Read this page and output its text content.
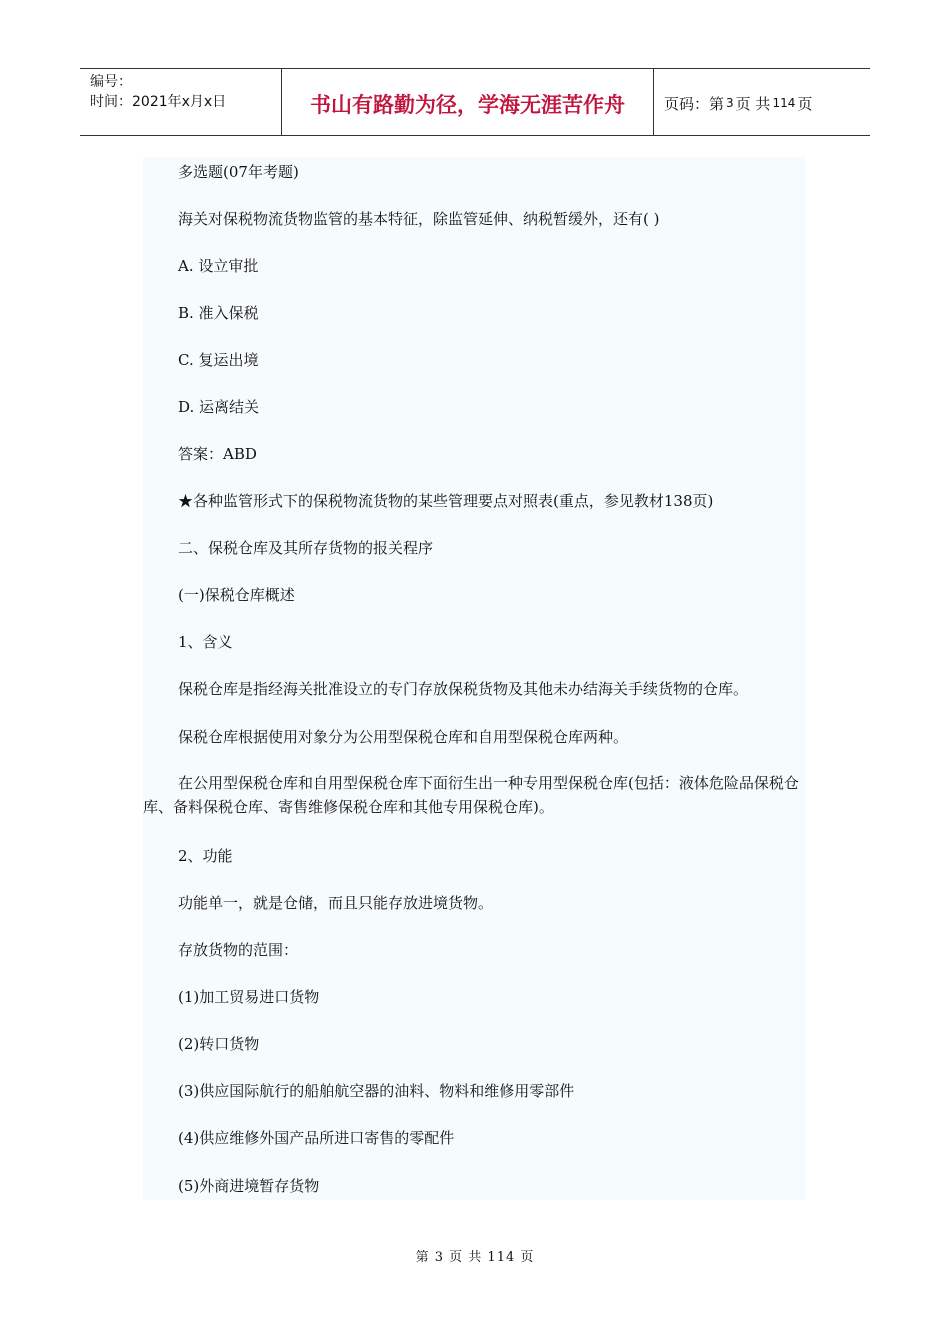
编号：
时间：2021年x月x日	书山有路勤为径，学海无涯苦作舟	页码：第 3 页 共 114 页
多选题(07年考题)
海关对保税物流货物监管的基本特征，除监管延伸、纳税暂缓外，还有( )
A. 设立审批
B. 准入保税
C. 复运出境
D. 运离结关
答案：ABD
★各种监管形式下的保税物流货物的某些管理要点对照表(重点，参见教材138页)
二、保税仓库及其所存货物的报关程序
(一)保税仓库概述
1、含义
保税仓库是指经海关批准设立的专门存放保税货物及其他未办结海关手续货物的仓库。
保税仓库根据使用对象分为公用型保税仓库和自用型保税仓库两种。
在公用型保税仓库和自用型保税仓库下面衍生出一种专用型保税仓库(包括：液体危险品保税仓库、备料保税仓库、寄售维修保税仓库和其他专用保税仓库)。
2、功能
功能单一，就是仓储，而且只能存放进境货物。
存放货物的范围：
(1)加工贸易进口货物
(2)转口货物
(3)供应国际航行的船舶航空器的油料、物料和维修用零部件
(4)供应维修外国产品所进口寄售的零配件
(5)外商进境暂存货物
第 3 页 共 114 页
